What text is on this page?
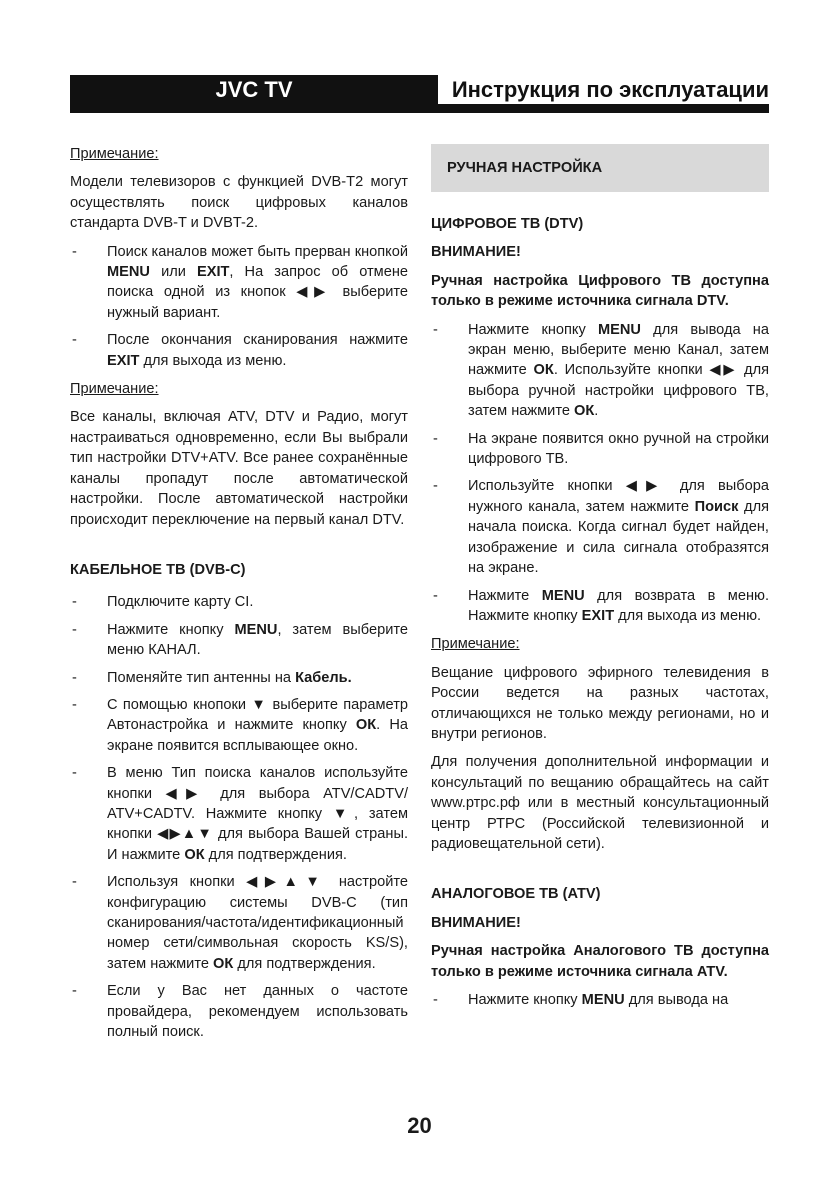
JVC TV	Инструкция по эксплуатации
Примечание:

Модели телевизоров с функцией DVB-T2 могут осуществлять поиск цифровых каналов стандарта DVB-T и DVBT-2.

- Поиск каналов может быть прерван кнопкой MENU или EXIT, На запрос об отмене поиска одной из кнопок ◀▶ выберите нужный вариант.
- После окончания сканирования нажмите EXIT для выхода из меню.
Примечание:

Все каналы, включая ATV, DTV и Радио, могут настраиваться одновременно, если Вы выбрали тип настройки DTV+ATV. Все ранее сохранённые каналы пропадут после автоматической настройки. После автоматической настройки происходит переключение на первый канал DTV.

КАБЕЛЬНОЕ ТВ (DVB-C)
- Подключите карту CI.
- Нажмите кнопку MENU, затем выберите меню КАНАЛ.
- Поменяйте тип антенны на Кабель.
- С помощью кнопоки ▼ выберите параметр Автонастройка и нажмите кнопку ОК. На экране появится всплывающее окно.
- В меню Тип поиска каналов используйте кнопки ◀▶ для выбора ATV/CADTV/ ATV+CADTV. Нажмите кнопку ▼, затем кнопки ◀▶▲▼ для выбора Вашей страны. И нажмите ОК для подтверждения.
- Используя кнопки ◀▶▲▼ настройте конфигурацию системы DVB-C (тип сканирования/частота/идентификационный номер сети/символьная скорость KS/S), затем нажмите ОК для подтверждения.
- Если у Вас нет данных о частоте провайдера, рекомендуем использовать полный поиск.
РУЧНАЯ НАСТРОЙКА
ЦИФРОВОЕ ТВ (DTV)
ВНИМАНИЕ!

Ручная настройка Цифрового ТВ доступна только в режиме источника сигнала DTV.

- Нажмите кнопку MENU для вывода на экран меню, выберите меню Канал, затем нажмите ОК. Используйте кнопки ◀▶ для выбора ручной настройки цифрового ТВ, затем нажмите ОК.
- На экране появится окно ручной на стройки цифрового ТВ.
- Используйте кнопки ◀▶ для выбора нужного канала, затем нажмите Поиск для начала поиска. Когда сигнал будет найден, изображение и сила сигнала отобразятся на экране.
- Нажмите MENU для возврата в меню. Нажмите кнопку EXIT для выхода из меню.
Примечание:

Вещание цифрового эфирного телевидения в России ведется на разных частотах, отличающихся не только между регионами, но и внутри регионов.

Для получения дополнительной информации и консультаций по вещанию обращайтесь на сайт www.ртрс.рф или в местный консультационный центр РТРС (Российской телевизионной и радиовещательной сети).

АНАЛОГОВОЕ ТВ (ATV)
ВНИМАНИЕ!

Ручная настройка Аналогового ТВ доступна только в режиме источника сигнала ATV.

- Нажмите кнопку MENU для вывода на
20
